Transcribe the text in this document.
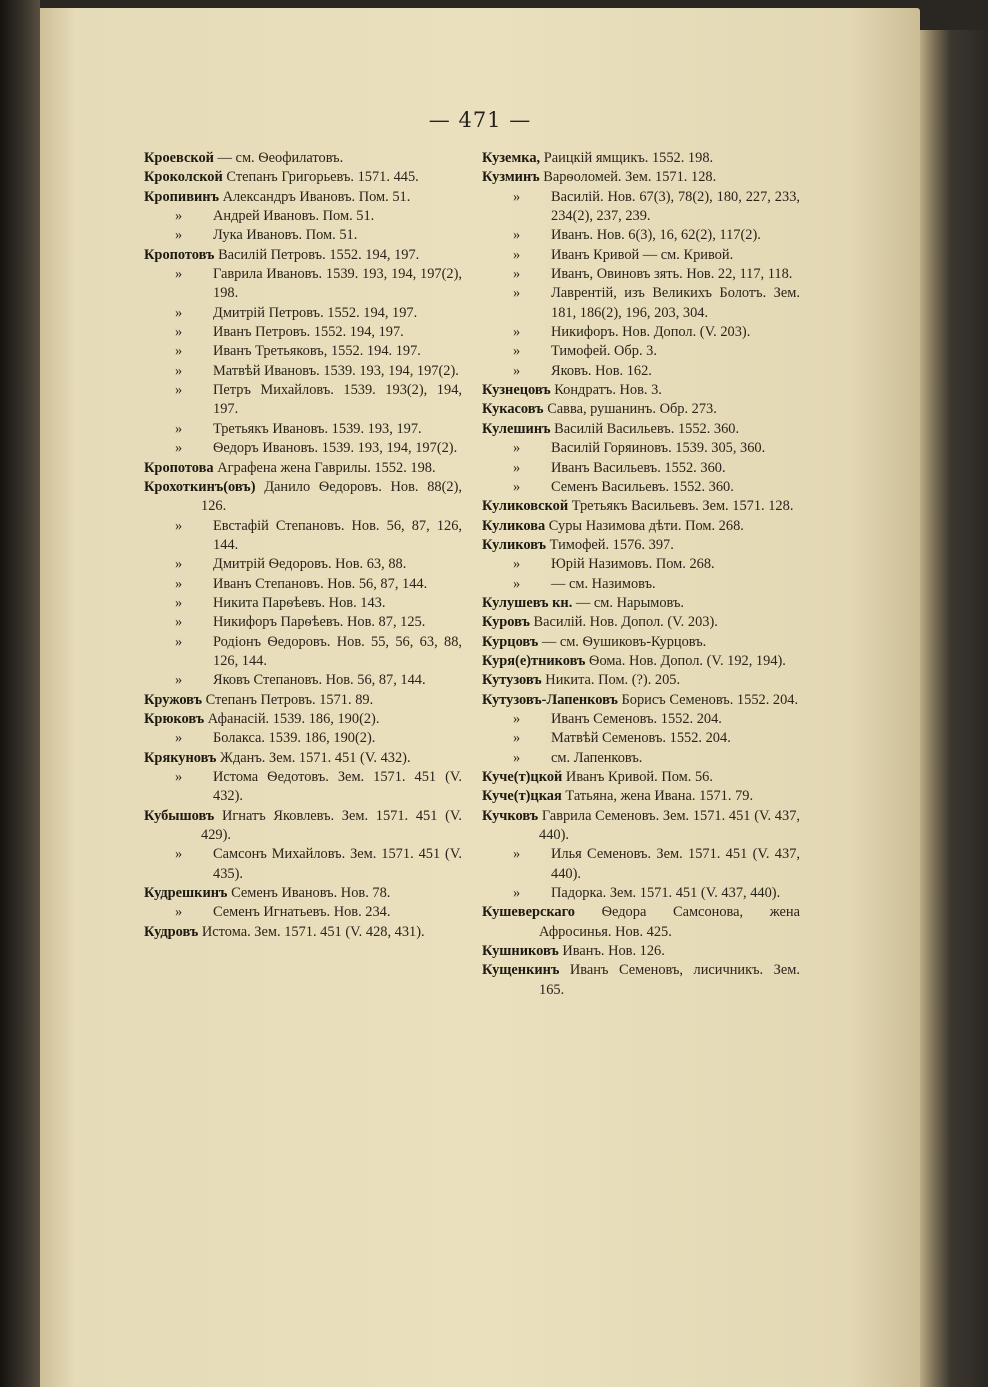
— 471 —
Кроевской — см. Ѳеофилатовъ.
Кроколской Степанъ Григорьевъ. 1571. 445.
Кропивинъ Александръ Ивановъ. Пом. 51.
» Андрей Ивановъ. Пом. 51.
» Лука Ивановъ. Пом. 51.
Кропотовъ Василій Петровъ. 1552. 194, 197.
» Гаврила Ивановъ. 1539. 193, 194, 197(2), 198.
» Дмитрій Петровъ. 1552. 194, 197.
» Иванъ Петровъ. 1552. 194, 197.
» Иванъ Третьяковъ, 1552. 194. 197.
» Матвѣй Ивановъ. 1539. 193, 194, 197(2).
» Петръ Михайловъ. 1539. 193(2), 194, 197.
» Третьякъ Ивановъ. 1539. 193, 197.
» Ѳедоръ Ивановъ. 1539. 193, 194, 197(2).
Кропотова Аграфена жена Гаврилы. 1552. 198.
Крохоткинъ(овъ) Данило Ѳедоровъ. Нов. 88(2), 126.
» Евстафій Степановъ. Нов. 56, 87, 126, 144.
» Дмитрій Ѳедоровъ. Нов. 63, 88.
» Иванъ Степановъ. Нов. 56, 87, 144.
» Никита Парѳѣевъ. Нов. 143.
» Никифоръ Парѳѣевъ. Нов. 87, 125.
» Родіонъ Ѳедоровъ. Нов. 55, 56, 63, 88, 126, 144.
» Яковъ Степановъ. Нов. 56, 87, 144.
Кружовъ Степанъ Петровъ. 1571. 89.
Крюковъ Афанасій. 1539. 186, 190(2).
» Болакса. 1539. 186, 190(2).
Крякуновъ Жданъ. Зем. 1571. 451 (V. 432).
» Истома Ѳедотовъ. Зем. 1571. 451 (V. 432).
Кубышовъ Игнатъ Яковлевъ. Зем. 1571. 451 (V. 429).
» Самсонъ Михайловъ. Зем. 1571. 451 (V. 435).
Кудрешкинъ Семенъ Ивановъ. Нов. 78.
» Семенъ Игнатьевъ. Нов. 234.
Кудровъ Истома. Зем. 1571. 451 (V. 428, 431).
Куземка, Раицкій ямщикъ. 1552. 198.
Кузминъ Варѳоломей. Зем. 1571. 128.
» Василій. Нов. 67(3), 78(2), 180, 227, 233, 234(2), 237, 239.
» Иванъ. Нов. 6(3), 16, 62(2), 117(2).
» Иванъ Кривой — см. Кривой.
» Иванъ, Овиновъ зять. Нов. 22, 117, 118.
» Лаврентій, изъ Великихъ Болотъ. Зем. 181, 186(2), 196, 203, 304.
» Никифоръ. Нов. Допол. (V. 203).
» Тимофей. Обр. 3.
» Яковъ. Нов. 162.
Кузнецовъ Кондратъ. Нов. 3.
Кукасовъ Савва, рушанинъ. Обр. 273.
Кулешинъ Василій Васильевъ. 1552. 360.
» Василій Горяиновъ. 1539. 305, 360.
» Иванъ Васильевъ. 1552. 360.
» Семенъ Васильевъ. 1552. 360.
Куликовской Третьякъ Васильевъ. Зем. 1571. 128.
Куликова Суры Назимова дѣти. Пом. 268.
Куликовъ Тимофей. 1576. 397.
» Юрій Назимовъ. Пом. 268.
» — см. Назимовъ.
Кулушевъ кн. — см. Нарымовъ.
Куровъ Василій. Нов. Допол. (V. 203).
Курцовъ — см. Ѳушиковъ-Курцовъ.
Куря(е)тниковъ Ѳома. Нов. Допол. (V. 192, 194).
Кутузовъ Никита. Пом. (?). 205.
Кутузовъ-Лапенковъ Борисъ Семеновъ. 1552. 204.
» Иванъ Семеновъ. 1552. 204.
» Матвѣй Семеновъ. 1552. 204.
» см. Лапенковъ.
Куче(т)цкой Иванъ Кривой. Пом. 56.
Куче(т)цкая Татьяна, жена Ивана. 1571. 79.
Кучковъ Гаврила Семеновъ. Зем. 1571. 451 (V. 437, 440).
» Илья Семеновъ. Зем. 1571. 451 (V. 437, 440).
» Падорка. Зем. 1571. 451 (V. 437, 440).
Кушеверскаго Ѳедора Самсонова, жена Афросинья. Нов. 425.
Кушниковъ Иванъ. Нов. 126.
Кущенкинъ Иванъ Семеновъ, лисичникъ. Зем. 165.
